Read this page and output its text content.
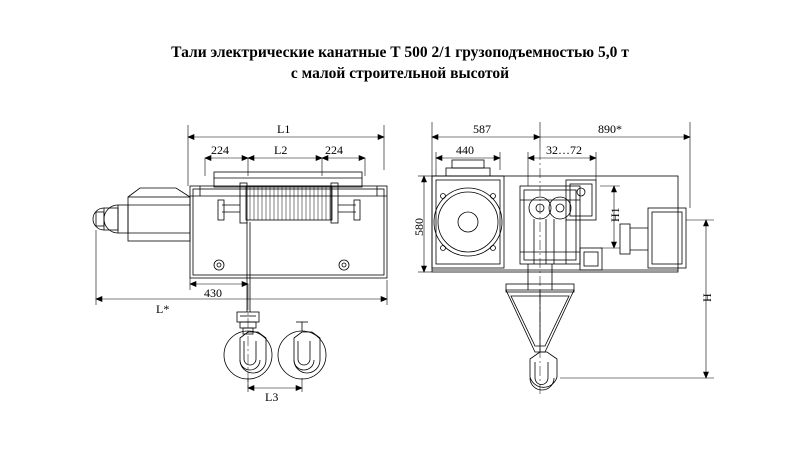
Тали электрические канатные Т 500 2/1 грузоподъемностью 5,0 т
с малой строительной высотой
L1
L2
224	224
430
L*
L3
587	890*
440	32…72
580
Н1
Н
